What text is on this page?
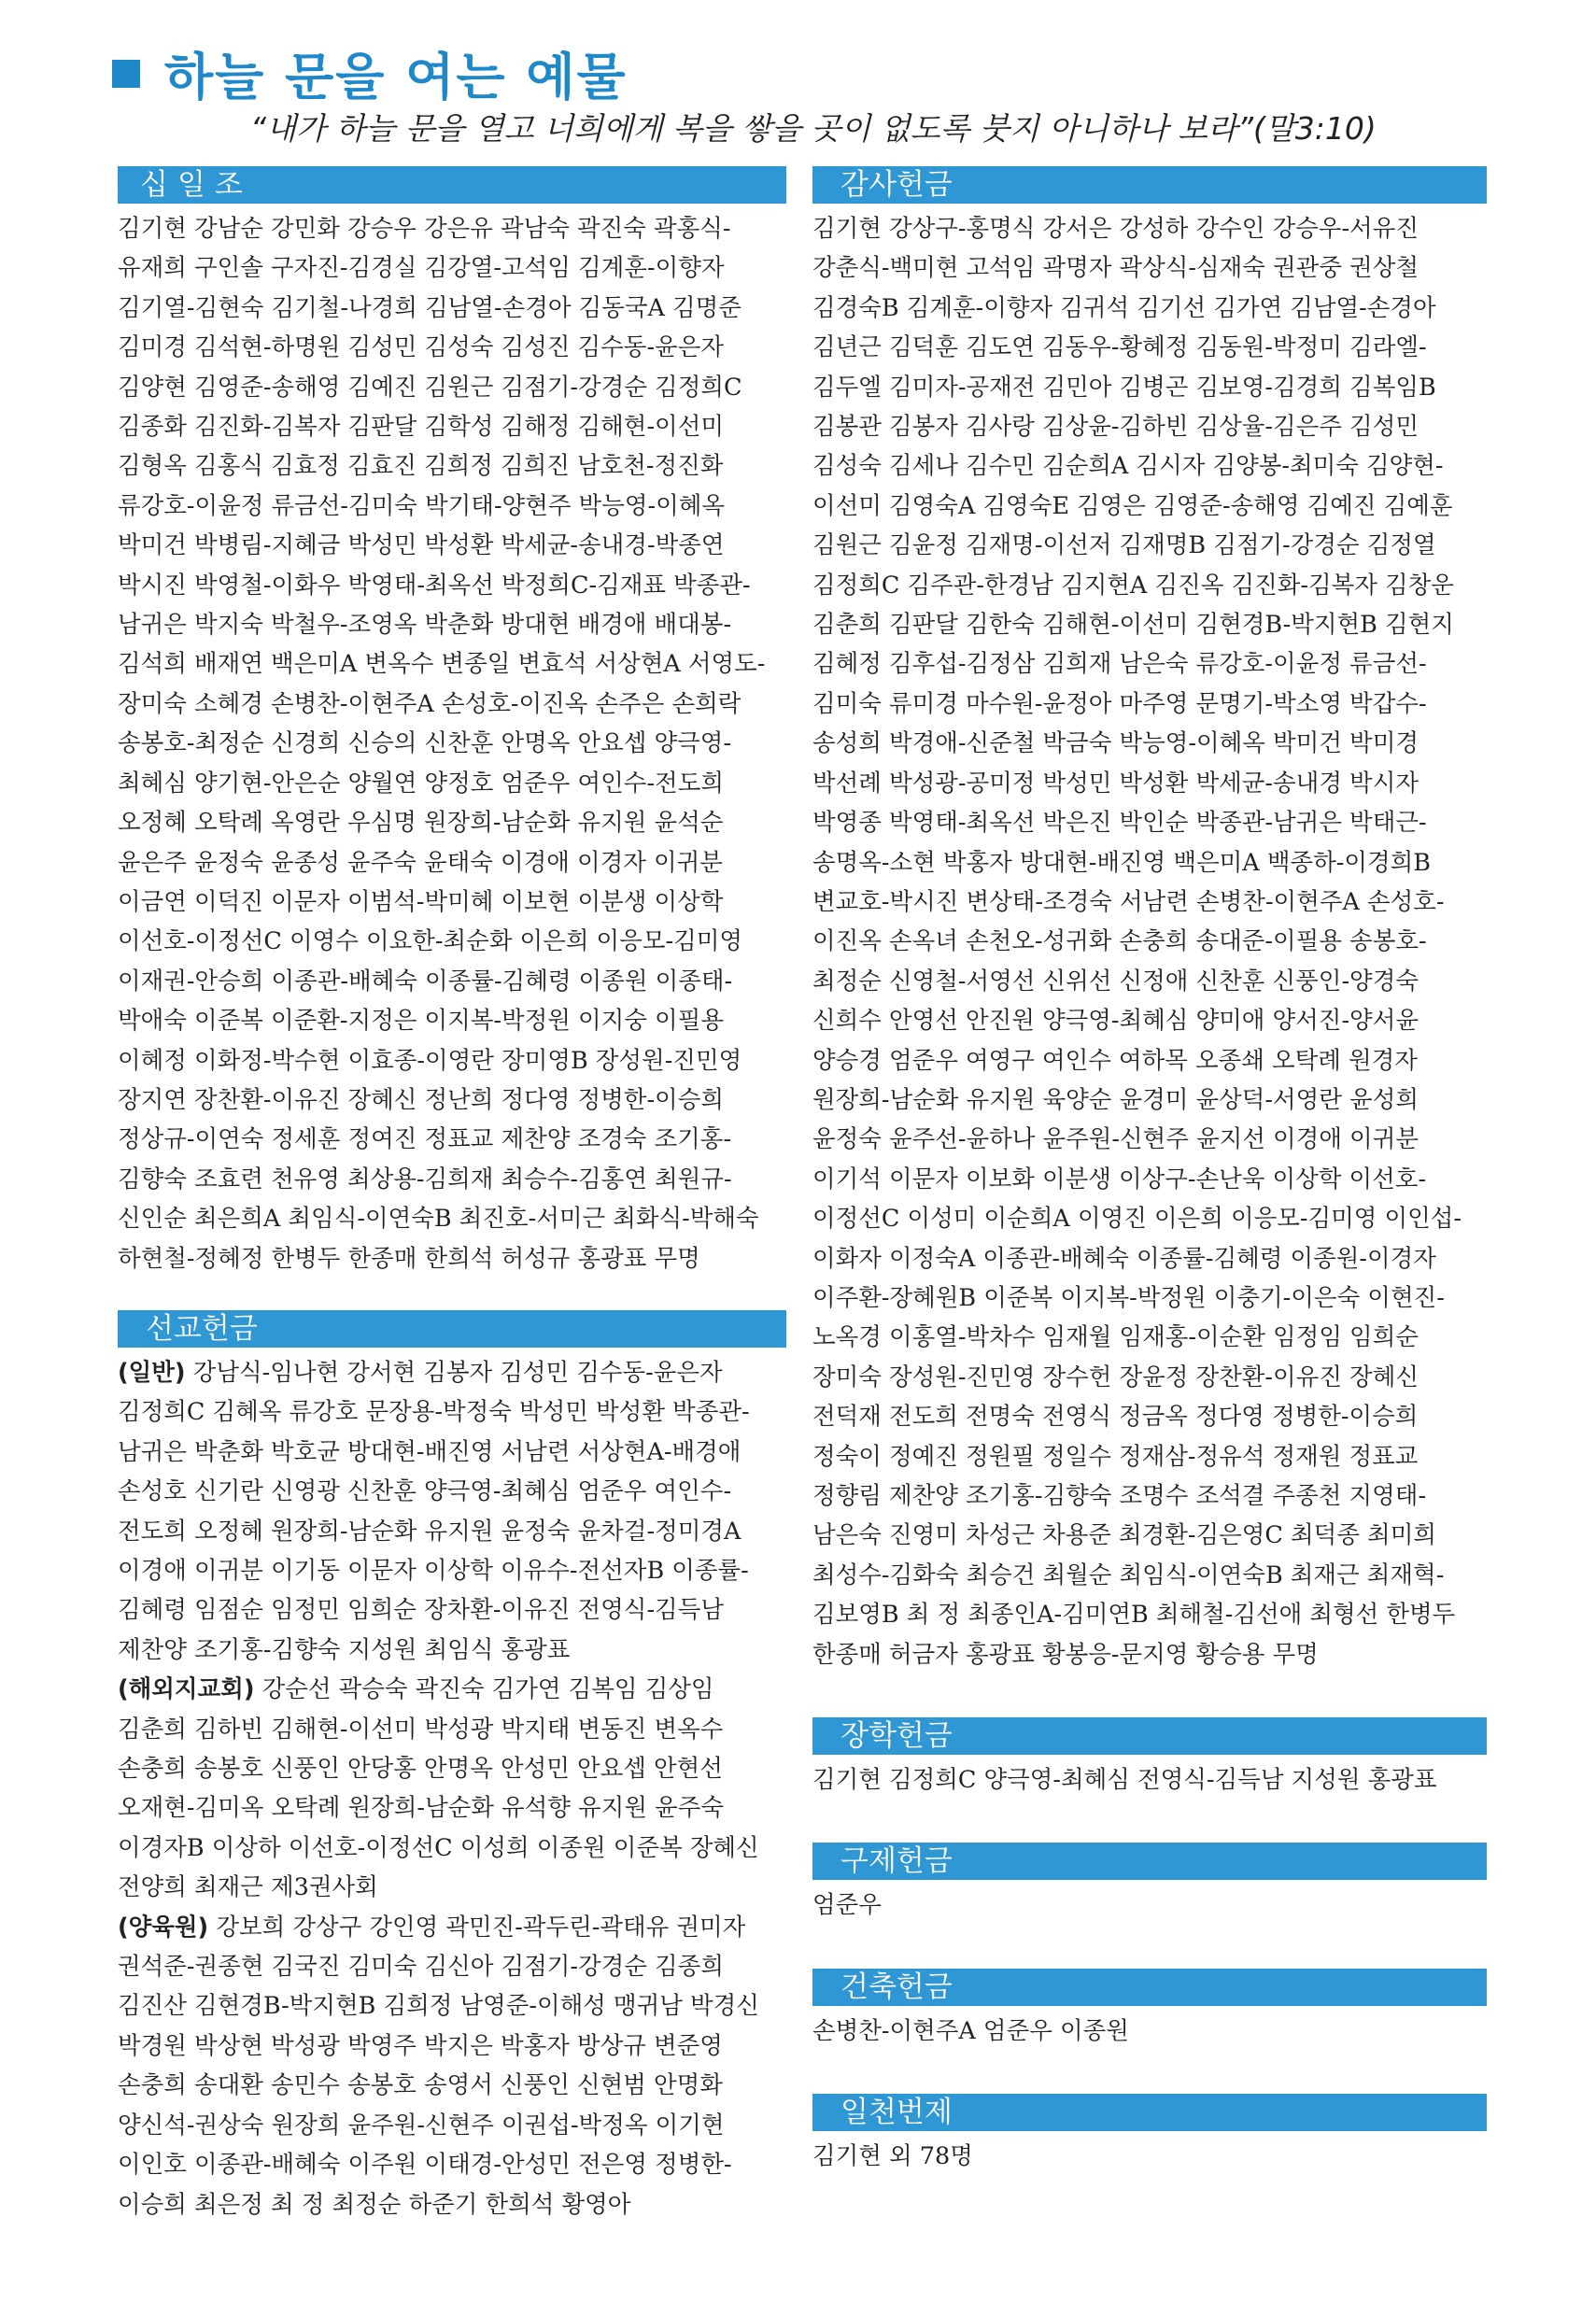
하늘 문을 여는 예물
“내가 하늘 문을 열고 너희에게 복을 쌓을 곳이 없도록 붓지 아니하나 보라”(말3:10)
십일조

김기현 강남순 강민화 강승우 강은유 곽남숙 곽진숙 곽홍식-유재희 구인솔 구자진-김경실 김강열-고석임 김계훈-이향자 김기열-김현숙 김기철-나경희 김남열-손경아 김동국A 김명준 김미경 김석현-하명원 김성민 김성숙 김성진 김수동-윤은자 김양현 김영준-송해영 김예진 김원근 김점기-강경순 김정희C 김종화 김진화-김복자 김판달 김학성 김해정 김해현-이선미 김형옥 김홍식 김효정 김효진 김희정 김희진 남호천-정진화 류강호-이윤정 류금선-김미숙 박기태-양현주 박능영-이혜옥 박미건 박병림-지혜금 박성민 박성환 박세균-송내경-박종연 박시진 박영철-이화우 박영태-최옥선 박정희C-김재표 박종관-남귀은 박지숙 박철우-조영옥 박춘화 방대현 배경애 배대봉-김석희 배재연 백은미A 변옥수 변종일 변효석 서상현A 서영도-장미숙 소혜경 손병찬-이현주A 손성호-이진옥 손주은 손희락 송봉호-최정순 신경희 신승의 신찬훈 안명옥 안요셉 양극영-최혜심 양기현-안은순 양월연 양정호 엄준우 여인수-전도희 오정혜 오탁례 옥영란 우심명 원장희-남순화 유지원 윤석순 윤은주 윤정숙 윤종성 윤주숙 윤태숙 이경애 이경자 이귀분 이금연 이덕진 이문자 이범석-박미혜 이보현 이분생 이상학 이선호-이정선C 이영수 이요한-최순화 이은희 이응모-김미영 이재권-안승희 이종관-배혜숙 이종률-김혜령 이종원 이종태-박애숙 이준복 이준환-지정은 이지복-박정원 이지숭 이필용 이혜정 이화정-박수현 이효종-이영란 장미영B 장성원-진민영 장지연 장찬환-이유진 장혜신 정난희 정다영 정병한-이승희 정상규-이연숙 정세훈 정여진 정표교 제찬양 조경숙 조기홍-김향숙 조효련 천유영 최상용-김희재 최승수-김홍연 최원규-신인순 최은희A 최임식-이연숙B 최진호-서미근 최화식-박해숙 하현철-정혜정 한병두 한종매 한희석 허성규 홍광표 무명

선교헌금

(일반) 강남식-임나현 강서현 김봉자 김성민 김수동-윤은자 김정희C 김혜옥 류강호 문장용-박정숙 박성민 박성환 박종관-남귀은 박춘화 박호균 방대현-배진영 서남련 서상현A-배경애 손성호 신기란 신영광 신찬훈 양극영-최혜심 엄준우 여인수-전도희 오정혜 원장희-남순화 유지원 윤정숙 윤차걸-정미경A 이경애 이귀분 이기동 이문자 이상학 이유수-전선자B 이종률-김혜령 임점순 임정민 임희순 장차환-이유진 전영식-김득남 제찬양 조기홍-김향숙 지성원 최임식 홍광표

(해외지교회) 강순선 곽승숙 곽진숙 김가연 김복임 김상임 김춘희 김하빈 김해현-이선미 박성광 박지태 변동진 변옥수 손충희 송봉호 신풍인 안당홍 안명옥 안성민 안요셉 안현선 오재현-김미옥 오탁례 원장희-남순화 유석향 유지원 윤주숙 이경자B 이상하 이선호-이정선C 이성희 이종원 이준복 장혜신 전양희 최재근 제3권사회

(양육원) 강보희 강상구 강인영 곽민진-곽두린-곽태유 권미자 권석준-권종현 김국진 김미숙 김신아 김점기-강경순 김종희 김진산 김현경B-박지현B 김희정 남영준-이해성 맹귀남 박경신 박경원 박상현 박성광 박영주 박지은 박홍자 방상규 변준영 손충희 송대환 송민수 송봉호 송영서 신풍인 신현범 안명화 양신석-권상숙 원장희 윤주원-신현주 이권섭-박정옥 이기현 이인호 이종관-배혜숙 이주원 이태경-안성민 전은영 정병한-이승희 최은정 최 정 최정순 하준기 한희석 황영아

감사헌금

김기현 강상구-홍명식 강서은 강성하 강수인 강승우-서유진 강춘식-백미현 고석임 곽명자 곽상식-심재숙 권관중 권상철 김경숙B 김계훈-이향자 김귀석 김기선 김가연 김남열-손경아 김년근 김덕훈 김도연 김동우-황혜정 김동원-박정미 김라엘-김두엘 김미자-공재전 김민아 김병곤 김보영-김경희 김복임B 김봉관 김봉자 김사랑 김상윤-김하빈 김상율-김은주 김성민 김성숙 김세나 김수민 김순희A 김시자 김양봉-최미숙 김양현-이선미 김영숙A 김영숙E 김영은 김영준-송해영 김예진 김예훈 김원근 김윤정 김재명-이선저 김재명B 김점기-강경순 김정열 김정희C 김주관-한경남 김지현A 김진옥 김진화-김복자 김창운 김춘희 김판달 김한숙 김해현-이선미 김현경B-박지현B 김현지 김혜정 김후섭-김정삼 김희재 남은숙 류강호-이윤정 류금선-김미숙 류미경 마수원-윤정아 마주영 문명기-박소영 박갑수-송성희 박경애-신준철 박금숙 박능영-이혜옥 박미건 박미경 박선례 박성광-공미정 박성민 박성환 박세균-송내경 박시자 박영종 박영태-최옥선 박은진 박인순 박종관-남귀은 박태근-송명옥-소현 박홍자 방대현-배진영 백은미A 백종하-이경희B 변교호-박시진 변상태-조경숙 서남련 손병찬-이현주A 손성호-이진옥 손옥녀 손천오-성귀화 손충희 송대준-이필용 송봉호-최정순 신영철-서영선 신위선 신정애 신찬훈 신풍인-양경숙 신희수 안영선 안진원 양극영-최혜심 양미애 양서진-양서윤 양승경 엄준우 여영구 여인수 여하목 오종쇄 오탁례 원경자 원장희-남순화 유지원 육양순 윤경미 윤상덕-서영란 윤성희 윤정숙 윤주선-윤하나 윤주원-신현주 윤지선 이경애 이귀분 이기석 이문자 이보화 이분생 이상구-손난욱 이상학 이선호-이정선C 이성미 이순희A 이영진 이은희 이응모-김미영 이인섭-이화자 이정숙A 이종관-배혜숙 이종률-김혜령 이종원-이경자 이주환-장혜원B 이준복 이지복-박정원 이충기-이은숙 이현진-노옥경 이홍열-박차수 임재월 임재홍-이순환 임정임 임희순 장미숙 장성원-진민영 장수헌 장윤정 장찬환-이유진 장혜신 전덕재 전도희 전명숙 전영식 정금옥 정다영 정병한-이승희 정숙이 정예진 정원필 정일수 정재삼-정유석 정재원 정표교 정향림 제찬양 조기홍-김향숙 조명수 조석결 주종천 지영태-남은숙 진영미 차성근 차용준 최경환-김은영C 최덕종 최미희 최성수-김화숙 최승건 최월순 최임식-이연숙B 최재근 최재혁-김보영B 최 정 최종인A-김미연B 최해철-김선애 최형선 한병두 한종매 허금자 홍광표 황봉응-문지영 황승용 무명

장학헌금

김기현 김정희C 양극영-최혜심 전영식-김득남 지성원 홍광표

구제헌금

엄준우

건축헌금

손병찬-이현주A 엄준우 이종원

일천번제

김기현 외 78명
